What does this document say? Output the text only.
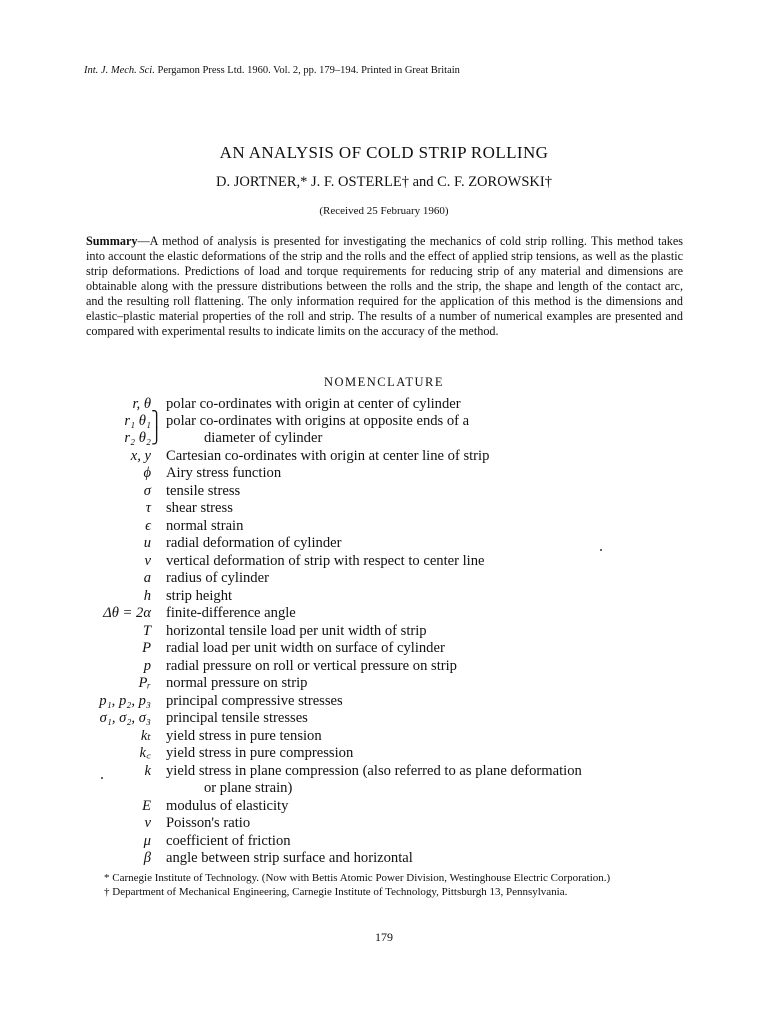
Int. J. Mech. Sci. Pergamon Press Ltd. 1960. Vol. 2, pp. 179–194. Printed in Great Britain
AN ANALYSIS OF COLD STRIP ROLLING
D. JORTNER,* J. F. OSTERLE† and C. F. ZOROWSKI†
(Received 25 February 1960)
Summary—A method of analysis is presented for investigating the mechanics of cold strip rolling. This method takes into account the elastic deformations of the strip and the rolls and the effect of applied strip tensions, as well as the plastic strip deformations. Predictions of load and torque requirements for reducing strip of any material and dimensions are obtainable along with the pressure distributions between the rolls and the strip, the shape and length of the contact arc, and the resulting roll flattening. The only information required for the application of this method is the dimensions and elastic–plastic material properties of the roll and strip. The results of a number of numerical examples are presented and compared with experimental results to indicate limits on the accuracy of the method.
NOMENCLATURE
r, θ polar co-ordinates with origin at center of cylinder
r₁ θ₁ polar co-ordinates with origins at opposite ends of a
r₂ θ₂	diameter of cylinder
x, y Cartesian co-ordinates with origin at center line of strip
ϕ Airy stress function
σ tensile stress
τ shear stress
ϵ normal strain
u radial deformation of cylinder
v vertical deformation of strip with respect to center line
a radius of cylinder
h strip height
Δθ = 2α finite-difference angle
T horizontal tensile load per unit width of strip
P radial load per unit width on surface of cylinder
p radial pressure on roll or vertical pressure on strip
Pᵣ normal pressure on strip
p₁, p₂, p₃ principal compressive stresses
σ₁, σ₂, σ₃ principal tensile stresses
kₜ yield stress in pure tension
k꜀ yield stress in pure compression
k yield stress in plane compression (also referred to as plane deformation
or plane strain)
E modulus of elasticity
ν Poisson's ratio
μ coefficient of friction
β angle between strip surface and horizontal
⎫
⎭
* Carnegie Institute of Technology. (Now with Bettis Atomic Power Division, Westinghouse Electric Corporation.)
† Department of Mechanical Engineering, Carnegie Institute of Technology, Pittsburgh 13, Pennsylvania.
179
